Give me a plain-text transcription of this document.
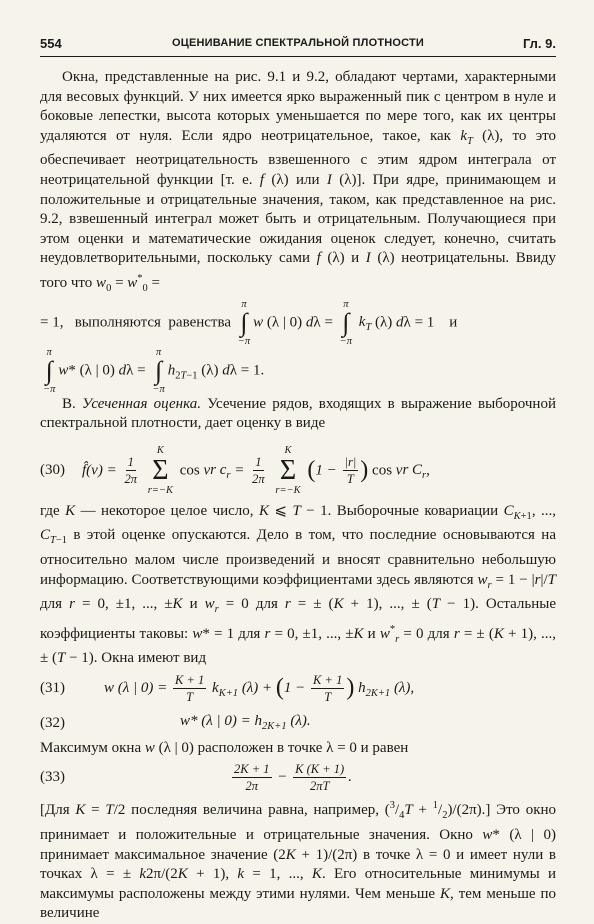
554	ОЦЕНИВАНИЕ СПЕКТРАЛЬНОЙ ПЛОТНОСТИ	Гл. 9.

Окна, представленные на рис. 9.1 и 9.2, обладают чертами, характерными для весовых функций. У них имеется ярко выраженный пик с центром в нуле и боковые лепестки, высота которых уменьшается по мере того, как их центры удаляются от нуля. Если ядро неотрицательное, такое, как $k_T$ (λ), то это обеспечивает неотрицательность взвешенного с этим ядром интеграла от неотрицательной функции [т. е. f (λ) или I (λ)]. При ядре, принимающем и положительные и отрицательные значения, таком, как представленное на рис. 9.2, взвешенный интеграл может быть и отрицательным. Получающиеся при этом оценки и математические ожидания оценок следует, конечно, считать неудовлетворительными, поскольку сами f (λ) и I (λ) неотрицательны. Ввиду того что $w_0 = w^*_0$ =

= 1,   выполняются  равенства
π
∫
−π
w (λ | 0) dλ =
π
∫
−π
$k_T$ (λ) dλ = 1    и

π
∫
−π
w* (λ | 0) dλ =
π
∫
−π
$h_{2T-1}$ (λ) dλ = 1.

В. Усеченная оценка. Усечение рядов, входящих в выражение выборочной спектральной плотности, дает оценку в виде

(30) f̂(ν) = $\frac{1}{2\pi}$

K
Σ
r=−K
cos νr $c_r = \frac{1}{2\pi}$

K
Σ
r=−K
($1 - \frac{|r|}{T}$ ) cos νr $C_r$,

где K — некоторое целое число, K ⩽ T − 1. Выборочные ковариации $C_{K+1}$, ..., $C_{T-1}$ в этой оценке опускаются. Дело в том, что последние основываются на относительно малом числе произведений и вносят сравнительно небольшую информацию. Соответствующими коэффициентами здесь являются $w_r = 1 - |r|/T$ для r = 0, ±1, ..., ±K и $w_r = 0$ для r = ± (K + 1), ..., ± (T − 1). Остальные коэффициенты таковы: w* = 1 для r = 0, ±1, ..., ±K и $w^*_r = 0$ для r = ± (K + 1), ..., ± (T − 1). Окна имеют вид

(31)	w (λ | $0) = \frac{K + 1}{T} k_{K+1}$ $(\lambda) + (1 - \frac{K + 1}{T}$ ) $h_{2K+1}$ (λ),
(32)	w* (λ | $0) = h_{2K+1}$ (λ).

Максимум окна w (λ | 0) расположен в точке λ = 0 и равен

(33)	$\frac{2K + 1}{2\pi} - \frac{K (K + 1)}{2\pi T}$ .

[Для K = T/2 последняя величина равна, например, $(^3/_4T + ^1/_2)/(2\pi)$.] Это окно принимает и положительные и отрицательные значения. Окно w* (λ | 0) принимает максимальное значение (2K + 1)/(2π) в точке λ = 0 и имеет нули в точках λ = ± k2π/(2K + 1), k = 1, ..., K. Его относительные минимумы и максимумы расположены между этими нулями. Чем меньше K, тем меньше по величине
